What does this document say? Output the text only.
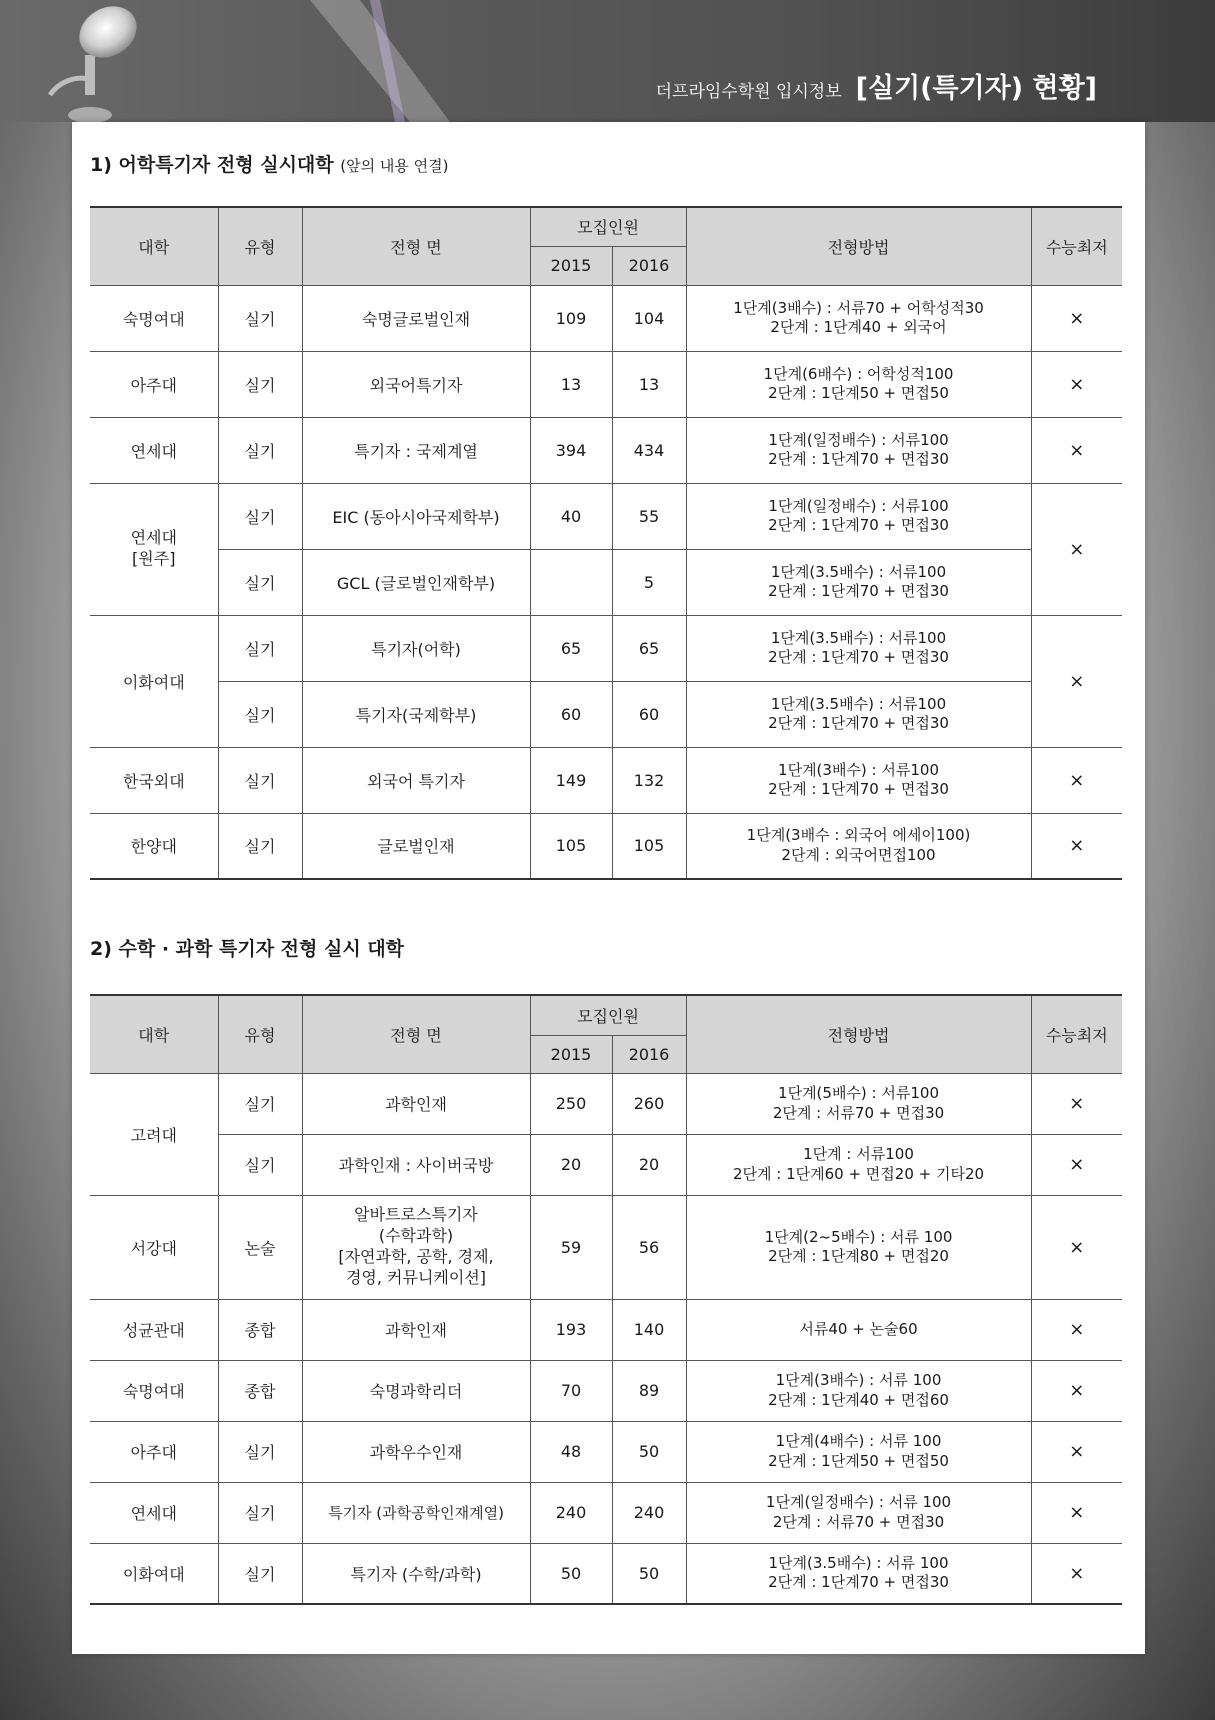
더프라임수학원 입시정보 [실기(특기자) 현황]
1) 어학특기자 전형 실시대학 (앞의 내용 연결)
대학	유형	전형 면	모집인원		전형방법	수능최저
			2015	2016		
숙명여대	실기	숙명글로벌인재	109	104	1단계(3배수) : 서류70 + 어학성적30
2단계 : 1단계40 + 외국어	×
아주대	실기	외국어특기자	13	13	1단계(6배수) : 어학성적100
2단계 : 1단계50 + 면접50	×
연세대	실기	특기자 : 국제계열	394	434	1단계(일정배수) : 서류100
2단계 : 1단계70 + 면접30	×
연세대
[원주]	실기	EIC (동아시아국제학부)	40	55	1단계(일정배수) : 서류100
2단계 : 1단계70 + 면접30	×
	실기	GCL (글로벌인재학부)		5	1단계(3.5배수) : 서류100
2단계 : 1단계70 + 면접30	

이화여대	실기	특기자(어학)	65	65	1단계(3.5배수) : 서류100
2단계 : 1단계70 + 면접30	×
	실기	특기자(국제학부)	60	60	1단계(3.5배수) : 서류100
2단계 : 1단계70 + 면접30	

한국외대	실기	외국어 특기자	149	132	1단계(3배수) : 서류100
2단계 : 1단계70 + 면접30	×
한양대	실기	글로벌인재	105	105	1단계(3배수 : 외국어 에세이100)
2단계 : 외국어면접100	×
2) 수학 · 과학 특기자 전형 실시 대학
대학	유형	전형 면	모집인원		전형방법	수능최저
			2015	2016		
고려대	실기	과학인재	250	260	1단계(5배수) : 서류100
2단계 : 서류70 + 면접30	×
	실기	과학인재 : 사이버국방	20	20	1단계 : 서류100
2단계 : 1단계60 + 면접20 + 기타20	×
서강대	논술	알바트로스특기자
(수학과학)
[자연과학, 공학, 경제,
경영, 커뮤니케이션]	59	56	1단계(2~5배수) : 서류 100
2단계 : 1단계80 + 면접20	×
성균관대	종합	과학인재	193	140	서류40 + 논술60	×
숙명여대	종합	숙명과학리더	70	89	1단계(3배수) : 서류 100
2단계 : 1단계40 + 면접60	×
아주대	실기	과학우수인재	48	50	1단계(4배수) : 서류 100
2단계 : 1단계50 + 면접50	×
연세대	실기	특기자 (과학공학인재계열)	240	240	1단계(일정배수) : 서류 100
2단계 : 서류70 + 면접30	×
이화여대	실기	특기자 (수학/과학)	50	50	1단계(3.5배수) : 서류 100
2단계 : 1단계70 + 면접30	×
